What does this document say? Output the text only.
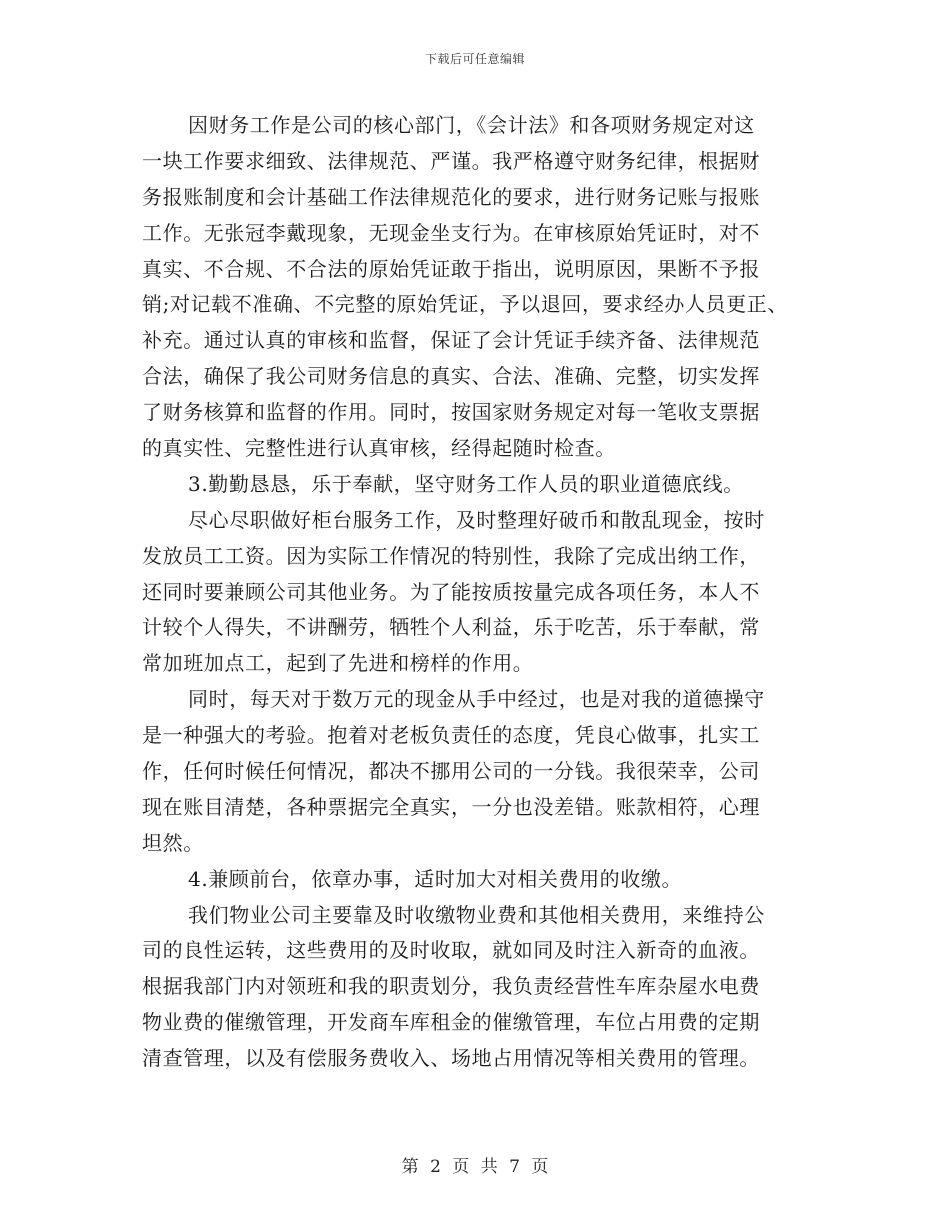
下载后可任意编辑
因财务工作是公司的核心部门，《会计法》和各项财务规定对这
一块工作要求细致、法律规范、严谨。我严格遵守财务纪律，根据财
务报账制度和会计基础工作法律规范化的要求，进行财务记账与报账
工作。无张冠李戴现象，无现金坐支行为。在审核原始凭证时，对不
真实、不合规、不合法的原始凭证敢于指出，说明原因，果断不予报
销;对记载不准确、不完整的原始凭证，予以退回，要求经办人员更正、
补充。通过认真的审核和监督，保证了会计凭证手续齐备、法律规范
合法，确保了我公司财务信息的真实、合法、准确、完整，切实发挥
了财务核算和监督的作用。同时，按国家财务规定对每一笔收支票据
的真实性、完整性进行认真审核，经得起随时检查。
3.勤勤恳恳，乐于奉献，坚守财务工作人员的职业道德底线。
尽心尽职做好柜台服务工作，及时整理好破币和散乱现金，按时
发放员工工资。因为实际工作情况的特别性，我除了完成出纳工作，
还同时要兼顾公司其他业务。为了能按质按量完成各项任务，本人不
计较个人得失，不讲酬劳，牺牲个人利益，乐于吃苦，乐于奉献，常
常加班加点工，起到了先进和榜样的作用。
同时，每天对于数万元的现金从手中经过，也是对我的道德操守
是一种强大的考验。抱着对老板负责任的态度，凭良心做事，扎实工
作，任何时候任何情况，都决不挪用公司的一分钱。我很荣幸，公司
现在账目清楚，各种票据完全真实，一分也没差错。账款相符，心理
坦然。
4.兼顾前台，依章办事，适时加大对相关费用的收缴。
我们物业公司主要靠及时收缴物业费和其他相关费用，来维持公
司的良性运转，这些费用的及时收取，就如同及时注入新奇的血液。
根据我部门内对领班和我的职责划分，我负责经营性车库杂屋水电费
物业费的催缴管理，开发商车库租金的催缴管理，车位占用费的定期
清查管理，以及有偿服务费收入、场地占用情况等相关费用的管理。
第 2 页 共 7 页
